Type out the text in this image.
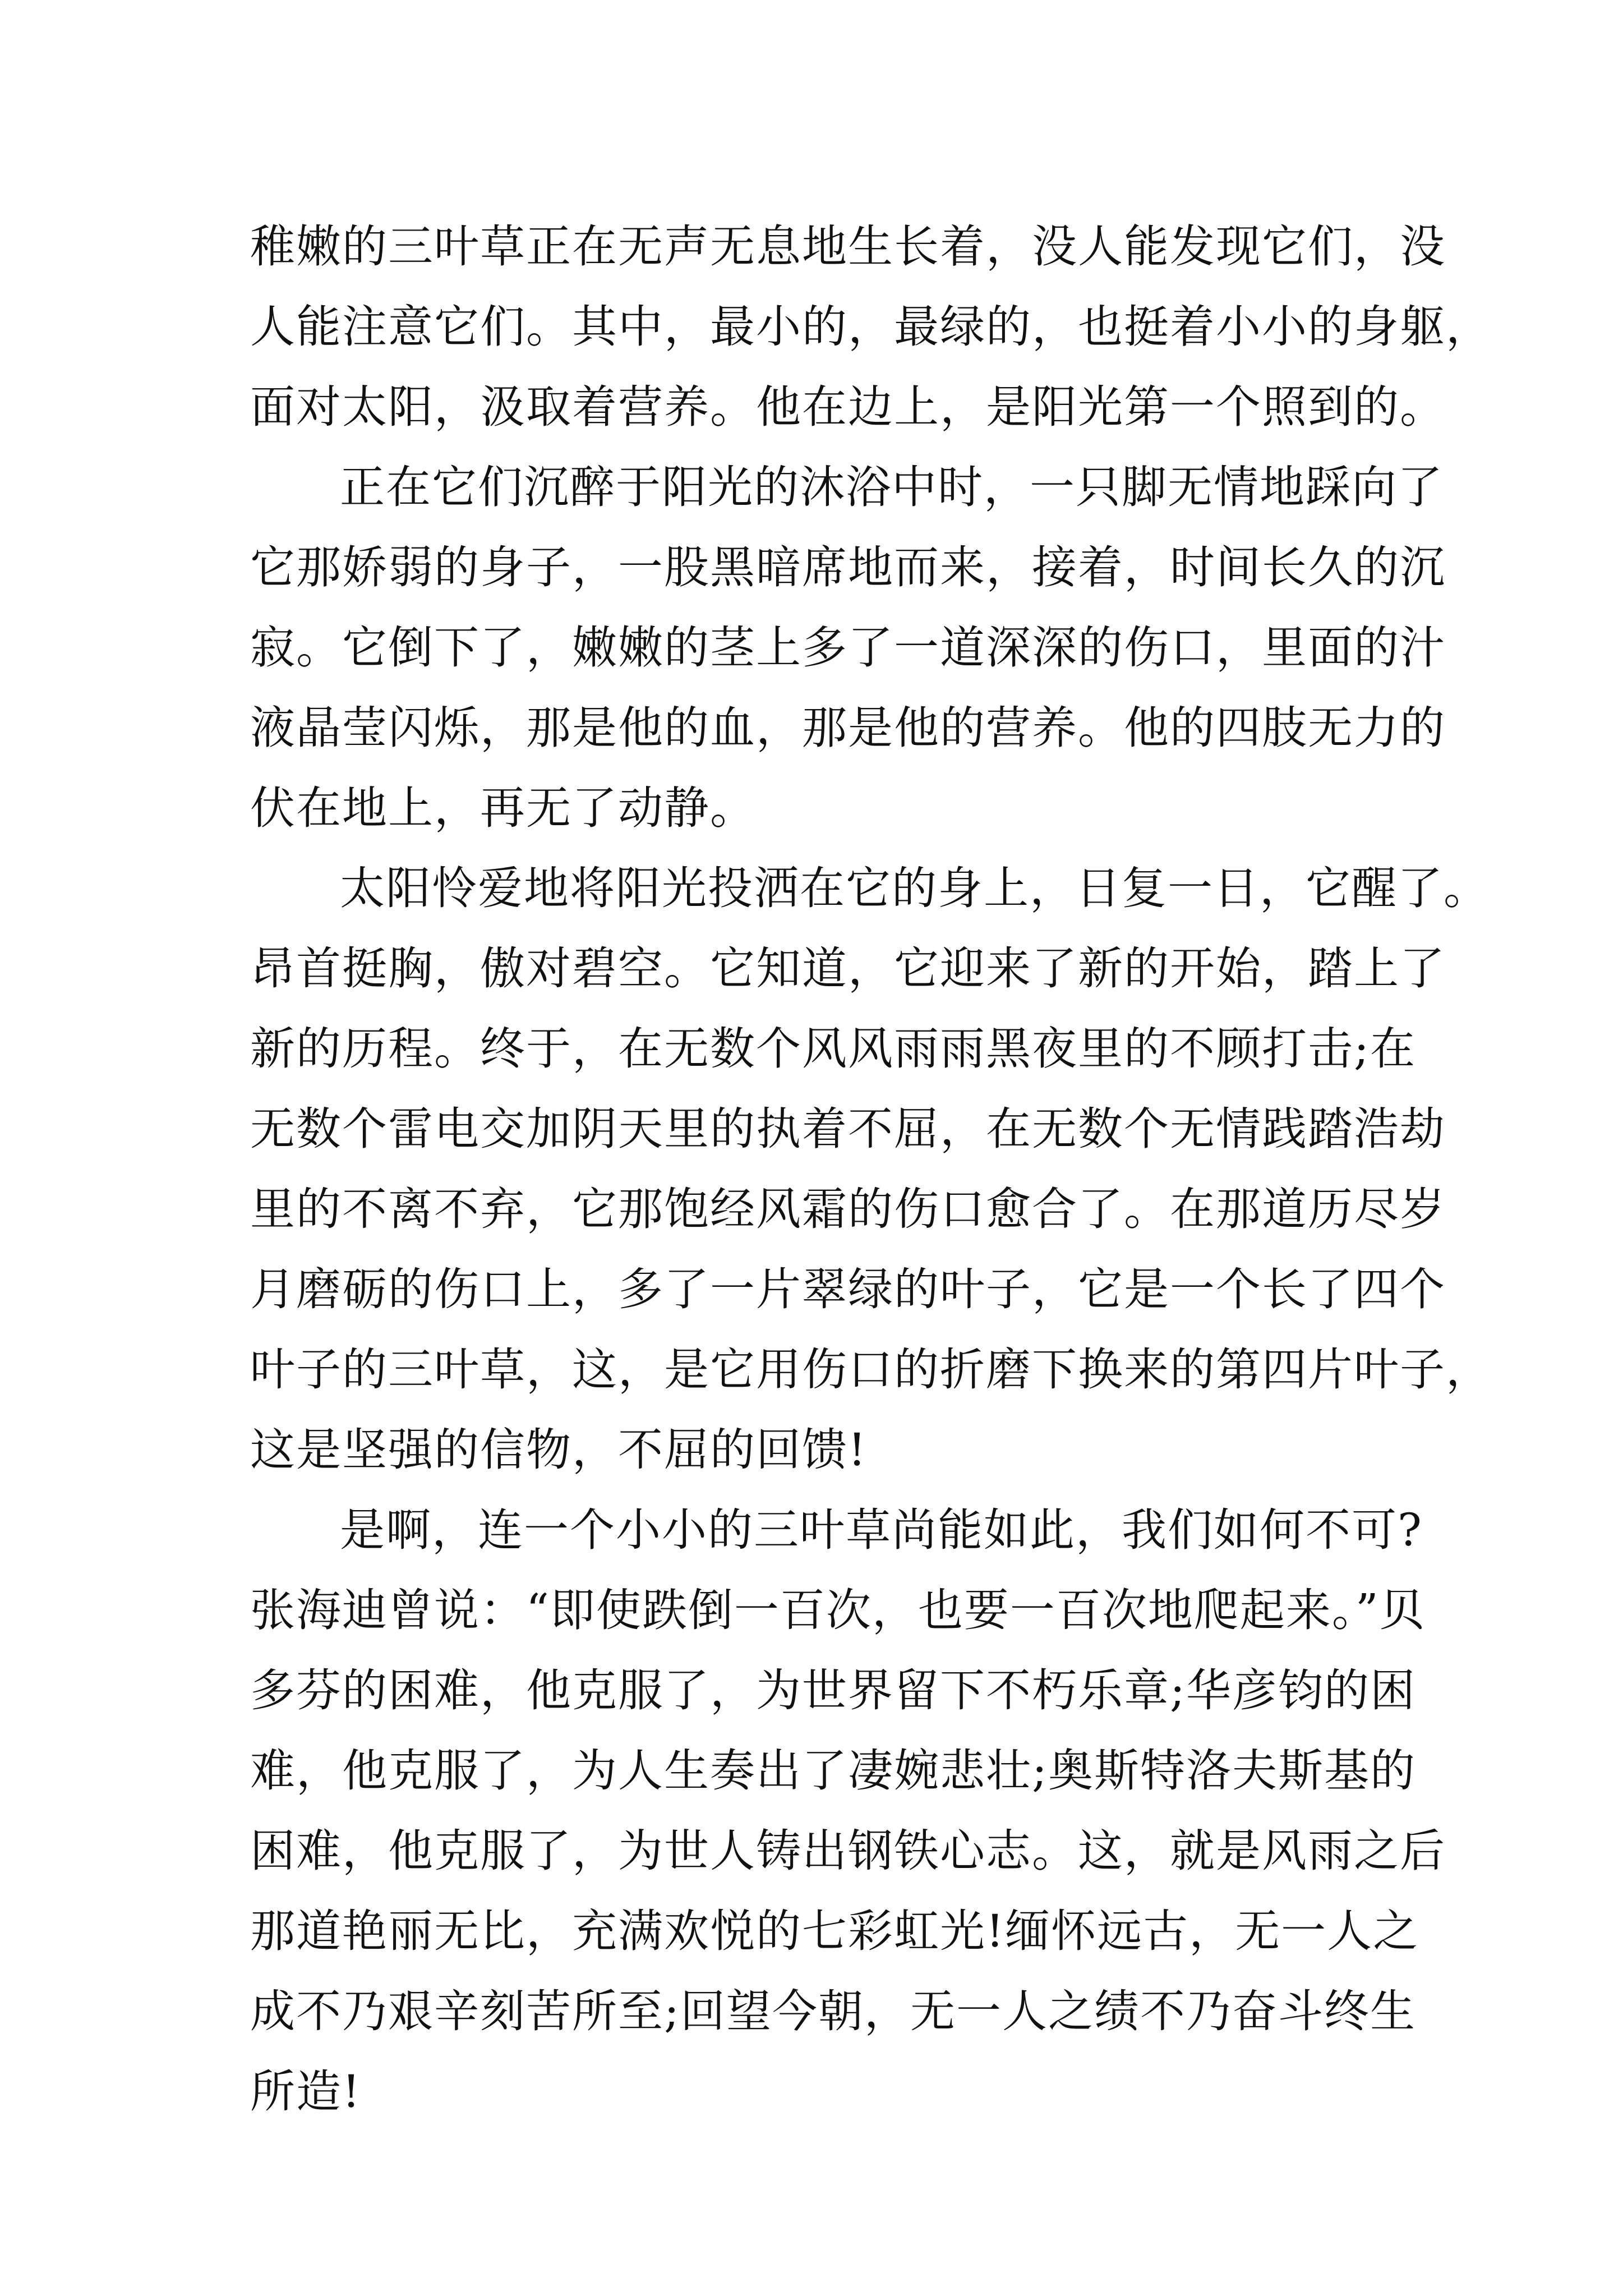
稚嫩的三叶草正在无声无息地生长着，没人能发现它们，没
人能注意它们。其中，最小的，最绿的，也挺着小小的身躯，
面对太阳，汲取着营养。他在边上，是阳光第一个照到的。
正在它们沉醉于阳光的沐浴中时，一只脚无情地踩向了
它那娇弱的身子，一股黑暗席地而来，接着，时间长久的沉
寂。它倒下了，嫩嫩的茎上多了一道深深的伤口，里面的汁
液晶莹闪烁，那是他的血，那是他的营养。他的四肢无力的
伏在地上，再无了动静。
太阳怜爱地将阳光投洒在它的身上，日复一日，它醒了。
昂首挺胸，傲对碧空。它知道，它迎来了新的开始，踏上了
新的历程。终于，在无数个风风雨雨黑夜里的不顾打击;在
无数个雷电交加阴天里的执着不屈，在无数个无情践踏浩劫
里的不离不弃，它那饱经风霜的伤口愈合了。在那道历尽岁
月磨砺的伤口上，多了一片翠绿的叶子，它是一个长了四个
叶子的三叶草，这，是它用伤口的折磨下换来的第四片叶子，
这是坚强的信物，不屈的回馈!
是啊，连一个小小的三叶草尚能如此，我们如何不可?
张海迪曾说：“即使跌倒一百次，也要一百次地爬起来。”贝
多芬的困难，他克服了，为世界留下不朽乐章;华彦钧的困
难，他克服了，为人生奏出了凄婉悲壮;奥斯特洛夫斯基的
困难，他克服了，为世人铸出钢铁心志。这，就是风雨之后
那道艳丽无比，充满欢悦的七彩虹光!缅怀远古，无一人之
成不乃艰辛刻苦所至;回望今朝，无一人之绩不乃奋斗终生
所造!
